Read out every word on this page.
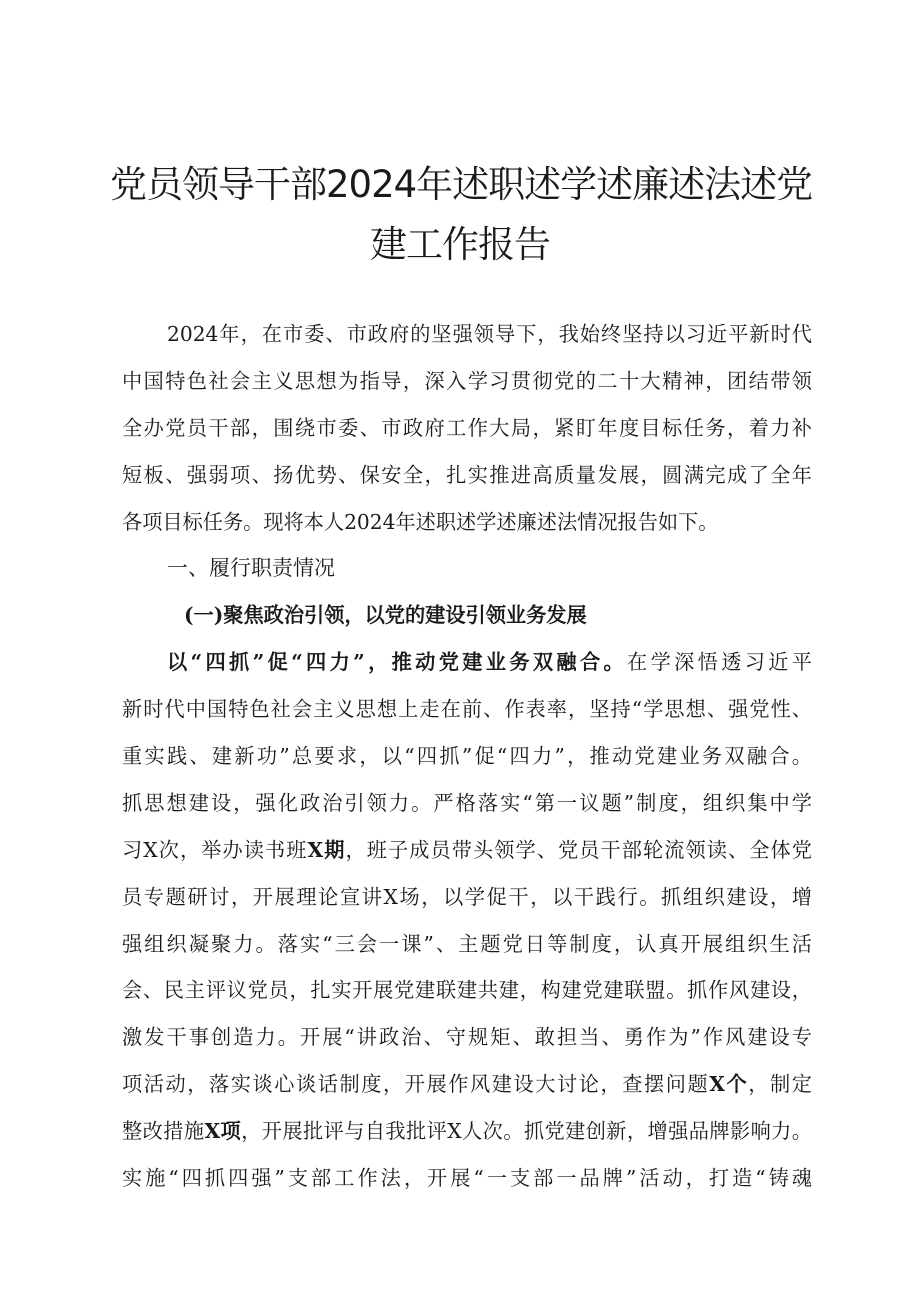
党员领导干部2024年述职述学述廉述法述党
建工作报告
2024年，在市委、市政府的坚强领导下，我始终坚持以习近平新时代
中国特色社会主义思想为指导，深入学习贯彻党的二十大精神，团结带领
全办党员干部，围绕市委、市政府工作大局，紧盯年度目标任务，着力补
短板、强弱项、扬优势、保安全，扎实推进高质量发展，圆满完成了全年
各项目标任务。现将本人2024年述职述学述廉述法情况报告如下。
一、履行职责情况
(一)聚焦政治引领，以党的建设引领业务发展
以“四抓”促“四力”，推动党建业务双融合。在学深悟透习近平
新时代中国特色社会主义思想上走在前、作表率，坚持“学思想、强党性、
重实践、建新功”总要求，以“四抓”促“四力”，推动党建业务双融合。
抓思想建设，强化政治引领力。严格落实“第一议题”制度，组织集中学
习X次，举办读书班X期，班子成员带头领学、党员干部轮流领读、全体党
员专题研讨，开展理论宣讲X场，以学促干，以干践行。抓组织建设，增
强组织凝聚力。落实“三会一课”、主题党日等制度，认真开展组织生活
会、民主评议党员，扎实开展党建联建共建，构建党建联盟。抓作风建设，
激发干事创造力。开展“讲政治、守规矩、敢担当、勇作为”作风建设专
项活动，落实谈心谈话制度，开展作风建设大讨论，查摆问题X个，制定
整改措施X项，开展批评与自我批评X人次。抓党建创新，增强品牌影响力。
实施“四抓四强”支部工作法，开展“一支部一品牌”活动，打造“铸魂
